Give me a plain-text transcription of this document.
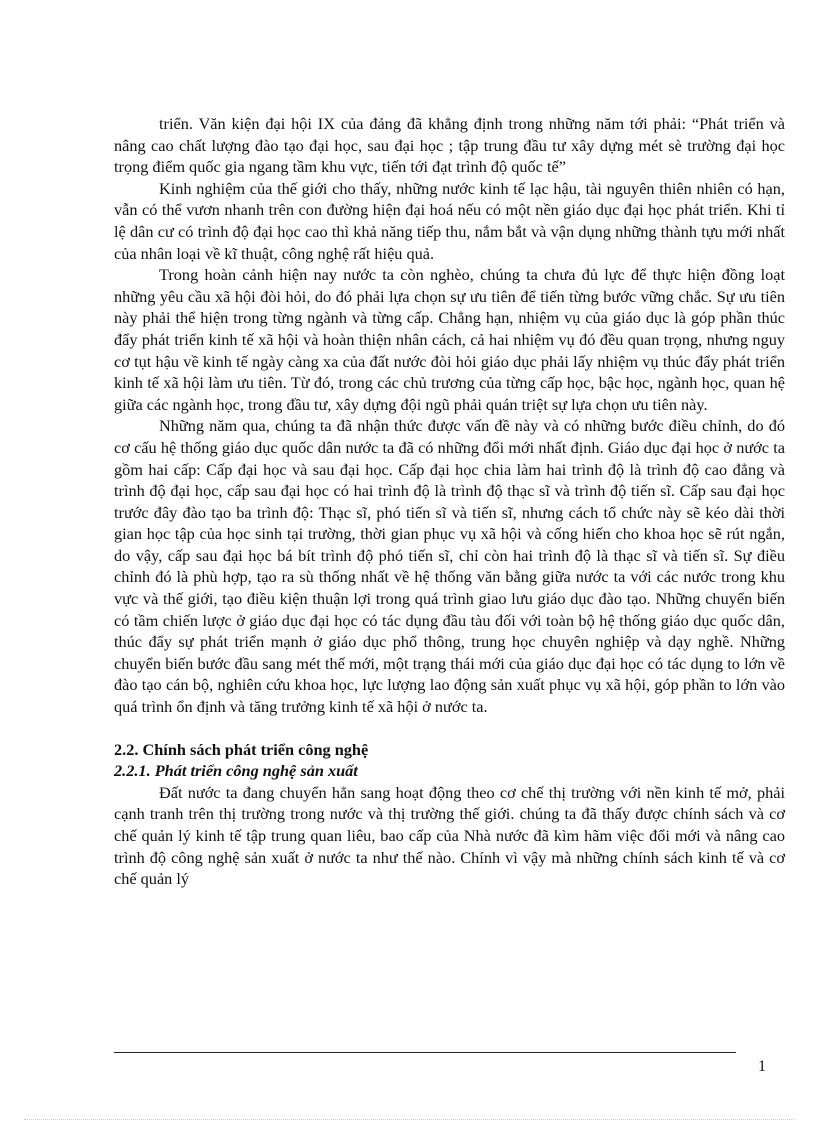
triển. Văn kiện đại hội IX của đảng đã khẳng định trong những năm tới phải: “Phát triển và nâng cao chất lượng đào tạo đại học, sau đại học ; tập trung đầu tư xây dựng mét sè trường đại học trọng điểm quốc gia ngang tầm khu vực, tiến tới đạt trình độ quốc tế”

Kinh nghiệm của thế giới cho thấy, những nước kinh tế lạc hậu, tài nguyên thiên nhiên có hạn, vẫn có thể vươn nhanh trên con đường hiện đại hoá nếu có một nền giáo dục đại học phát triển. Khi tỉ lệ dân cư có trình độ đại học cao thì khả năng tiếp thu, nắm bắt và vận dụng những thành tựu mới nhất của nhân loại về kĩ thuật, công nghệ rất hiệu quả.

Trong hoàn cảnh hiện nay nước ta còn nghèo, chúng ta chưa đủ lực để thực hiện đồng loạt những yêu cầu xã hội đòi hỏi, do đó phải lựa chọn sự ưu tiên để tiến từng bước vững chắc. Sự ưu tiên này phải thể hiện trong từng ngành và từng cấp. Chẳng hạn, nhiệm vụ của giáo dục là góp phần thúc đẩy phát triển kinh tế xã hội và hoàn thiện nhân cách, cả hai nhiệm vụ đó đều quan trọng, nhưng nguy cơ tụt hậu về kinh tế ngày càng xa của đất nước đòi hỏi giáo dục phải lấy nhiệm vụ thúc đẩy phát triển kinh tế xã hội làm ưu tiên. Từ đó, trong các chủ trương của từng cấp học, bậc học, ngành học, quan hệ giữa các ngành học, trong đầu tư, xây dựng đội ngũ phải quán triệt sự lựa chọn ưu tiên này.

Những năm qua, chúng ta đã nhận thức được vấn đề này và có những bước điều chỉnh, do đó cơ cấu hệ thống giáo dục quốc dân nước ta đã có những đổi mới nhất định. Giáo dục đại học ở nước ta gồm hai cấp: Cấp đại học và sau đại học. Cấp đại học chia làm hai trình độ là trình độ cao đẳng và trình độ đại học, cấp sau đại học có hai trình độ là trình độ thạc sĩ và trình độ tiến sĩ. Cấp sau đại học trước đây đào tạo ba trình độ: Thạc sĩ, phó tiến sĩ và tiến sĩ, nhưng cách tổ chức này sẽ kéo dài thời gian học tập của học sinh tại trường, thời gian phục vụ xã hội và cống hiến cho khoa học sẽ rút ngắn, do vậy, cấp sau đại học bá bít trình độ phó tiến sĩ, chỉ còn hai trình độ là thạc sĩ và tiến sĩ. Sự điều chỉnh đó là phù hợp, tạo ra sù thống nhất về hệ thống văn bằng giữa nước ta với các nước trong khu vực và thế giới, tạo điều kiện thuận lợi trong quá trình giao lưu giáo dục đào tạo. Những chuyển biến có tầm chiến lược ở giáo dục đại học có tác dụng đầu tàu đối với toàn bộ hệ thống giáo dục quốc dân, thúc đẩy sự phát triển mạnh ở giáo dục phổ thông, trung học chuyên nghiệp và dạy nghề. Những chuyển biến bước đầu sang mét thế mới, một trạng thái mới của giáo dục đại học có tác dụng to lớn về đào tạo cán bộ, nghiên cứu khoa học, lực lượng lao động sản xuất phục vụ xã hội, góp phần to lớn vào quá trình ổn định và tăng trưởng kinh tế xã hội ở nước ta.

2.2. Chính sách phát triển công nghệ
2.2.1. Phát triển công nghệ sản xuất

Đất nước ta đang chuyển hẳn sang hoạt động theo cơ chế thị trường với nền kinh tế mở, phải cạnh tranh trên thị trường trong nước và thị trường thế giới. chúng ta đã thấy được chính sách và cơ chế quản lý kinh tế tập trung quan liêu, bao cấp của Nhà nước đã kìm hãm việc đổi mới và nâng cao trình độ công nghệ sản xuất ở nước ta như thế nào. Chính vì vậy mà những chính sách kinh tế và cơ chế quản lý

1
